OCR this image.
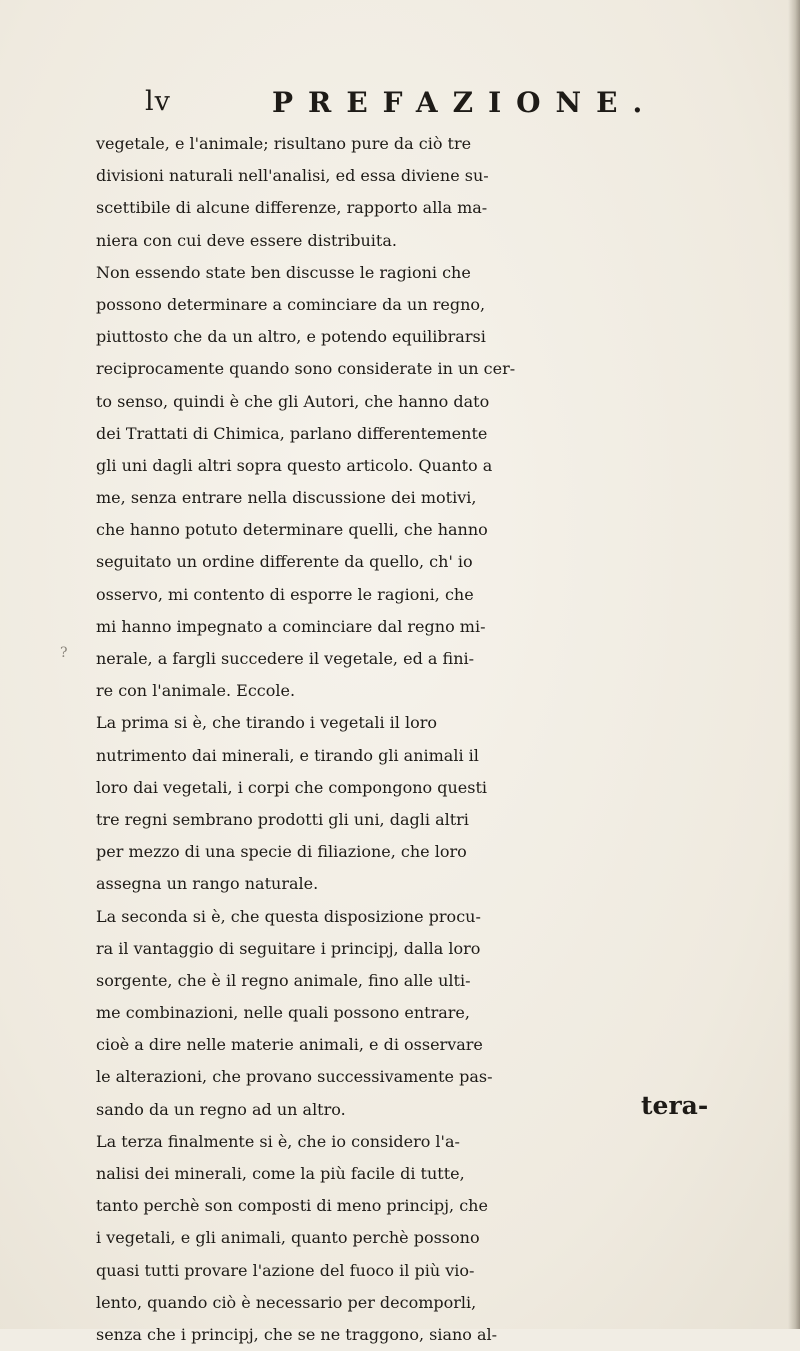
?
lv	PREFAZIONE.
vegetale, e l'animale; risultano pure da ciò tre
divisioni naturali nell'analisi, ed essa diviene su-
scettibile di alcune differenze, rapporto alla ma-
niera con cui deve essere distribuita.
Non essendo state ben discusse le ragioni che
possono determinare a cominciare da un regno,
piuttosto che da un altro, e potendo equilibrarsi
reciprocamente quando sono considerate in un cer-
to senso, quindi è che gli Autori, che hanno dato
dei Trattati di Chimica, parlano differentemente
gli uni dagli altri sopra questo articolo. Quanto a
me, senza entrare nella discussione dei motivi,
che hanno potuto determinare quelli, che hanno
seguitato un ordine differente da quello, ch' io
osservo, mi contento di esporre le ragioni, che
mi hanno impegnato a cominciare dal regno mi-
nerale, a fargli succedere il vegetale, ed a fini-
re con l'animale. Eccole.
La prima si è, che tirando i vegetali il loro
nutrimento dai minerali, e tirando gli animali il
loro dai vegetali, i corpi che compongono questi
tre regni sembrano prodotti gli uni, dagli altri
per mezzo di una specie di filiazione, che loro
assegna un rango naturale.
La seconda si è, che questa disposizione procu-
ra il vantaggio di seguitare i principj, dalla loro
sorgente, che è il regno animale, fino alle ulti-
me combinazioni, nelle quali possono entrare,
cioè a dire nelle materie animali, e di osservare
le alterazioni, che provano successivamente pas-
sando da un regno ad un altro.
La terza finalmente si è, che io considero l'a-
nalisi dei minerali, come la più facile di tutte,
tanto perchè son composti di meno principj, che
i vegetali, e gli animali, quanto perchè possono
quasi tutti provare l'azione del fuoco il più vio-
lento, quando ciò è necessario per decomporli,
senza che i principj, che se ne traggono, siano al-
tera-
